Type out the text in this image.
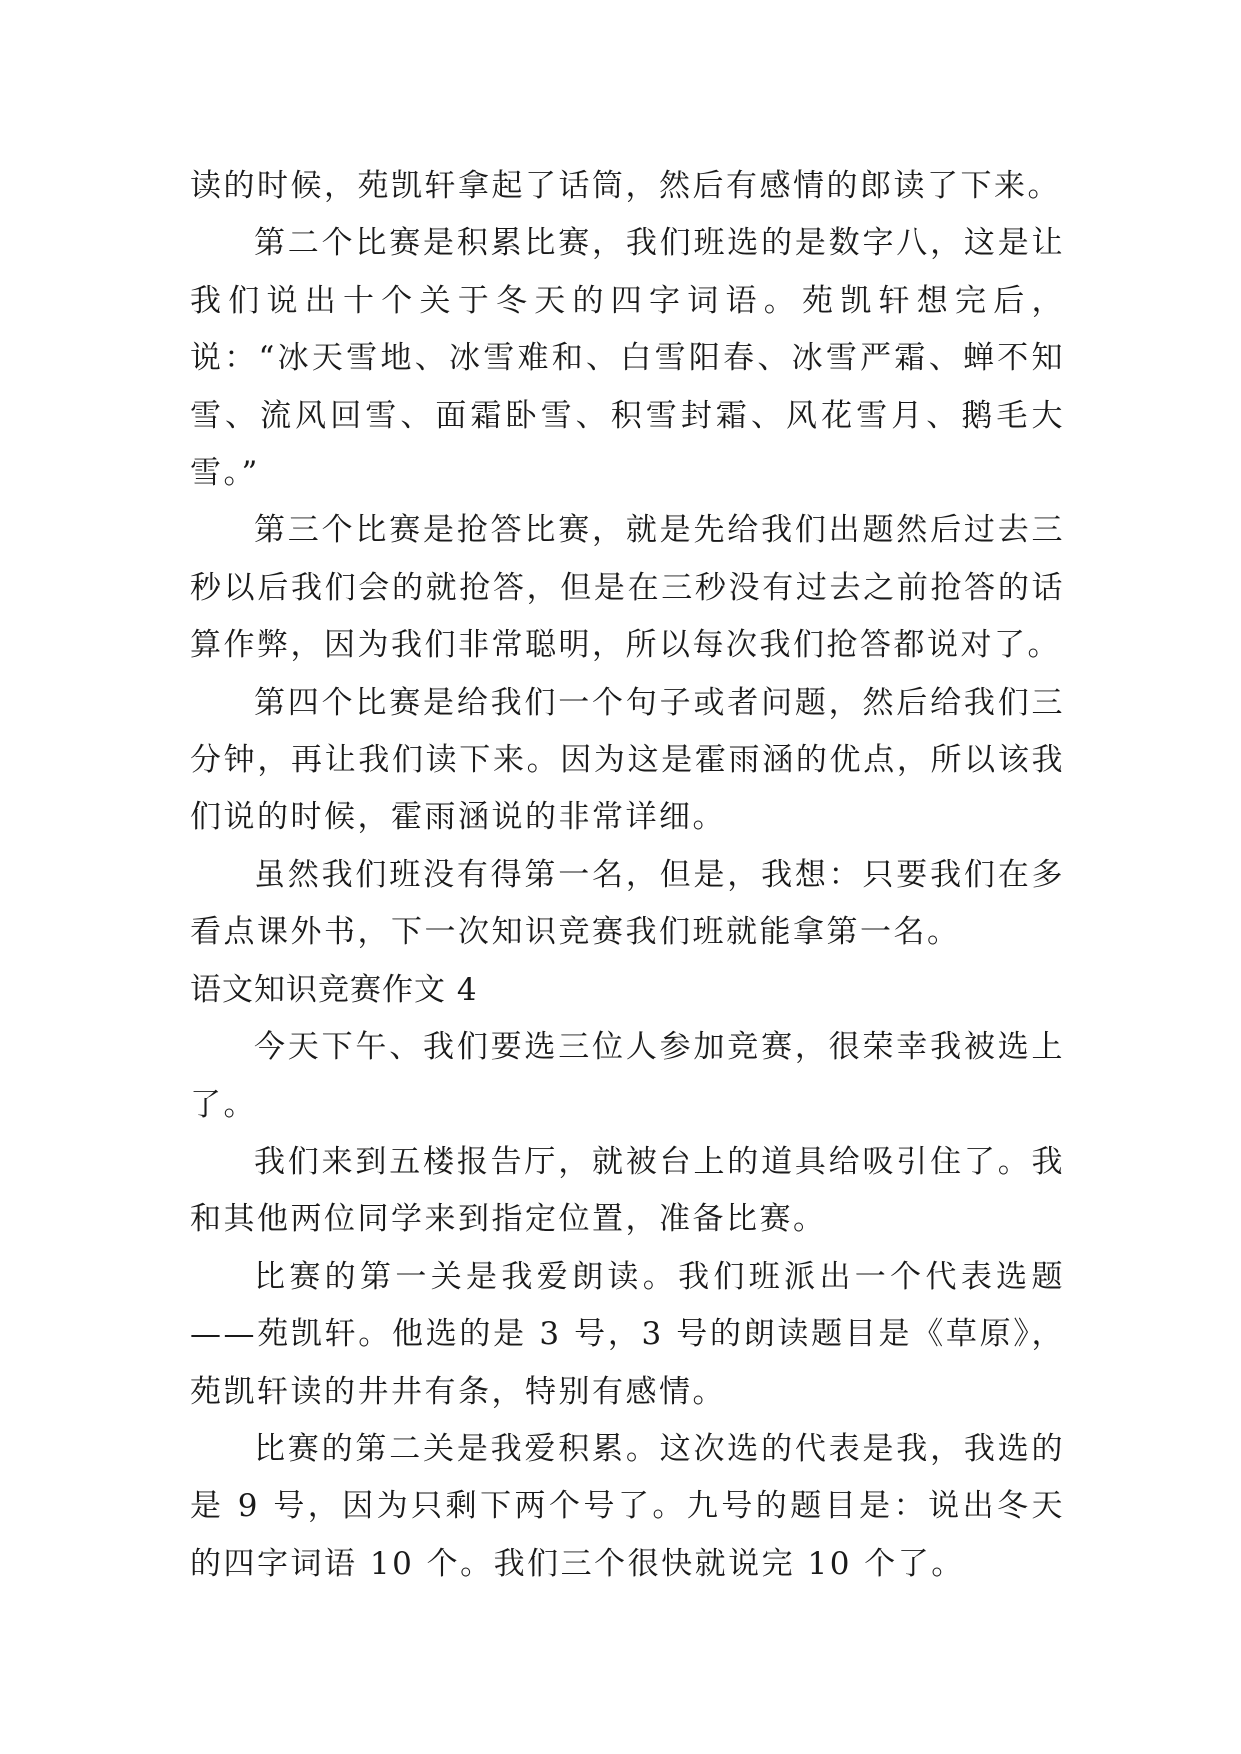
读的时候，苑凯轩拿起了话筒，然后有感情的郎读了下来。

第二个比赛是积累比赛，我们班选的是数字八，这是让我们说出十个关于冬天的四字词语。苑凯轩想完后，说：“冰天雪地、冰雪难和、白雪阳春、冰雪严霜、蝉不知雪、流风回雪、面霜卧雪、积雪封霜、风花雪月、鹅毛大雪。”

第三个比赛是抢答比赛，就是先给我们出题然后过去三秒以后我们会的就抢答，但是在三秒没有过去之前抢答的话算作弊，因为我们非常聪明，所以每次我们抢答都说对了。

第四个比赛是给我们一个句子或者问题，然后给我们三分钟，再让我们读下来。因为这是霍雨涵的优点，所以该我们说的时候，霍雨涵说的非常详细。

虽然我们班没有得第一名，但是，我想：只要我们在多看点课外书，下一次知识竞赛我们班就能拿第一名。

语文知识竞赛作文 4

今天下午、我们要选三位人参加竞赛，很荣幸我被选上了。

我们来到五楼报告厅，就被台上的道具给吸引住了。我和其他两位同学来到指定位置，准备比赛。

比赛的第一关是我爱朗读。我们班派出一个代表选题——苑凯轩。他选的是 3 号，3 号的朗读题目是《草原》，苑凯轩读的井井有条，特别有感情。

比赛的第二关是我爱积累。这次选的代表是我，我选的是 9 号，因为只剩下两个号了。九号的题目是：说出冬天的四字词语 10 个。我们三个很快就说完 10 个了。
